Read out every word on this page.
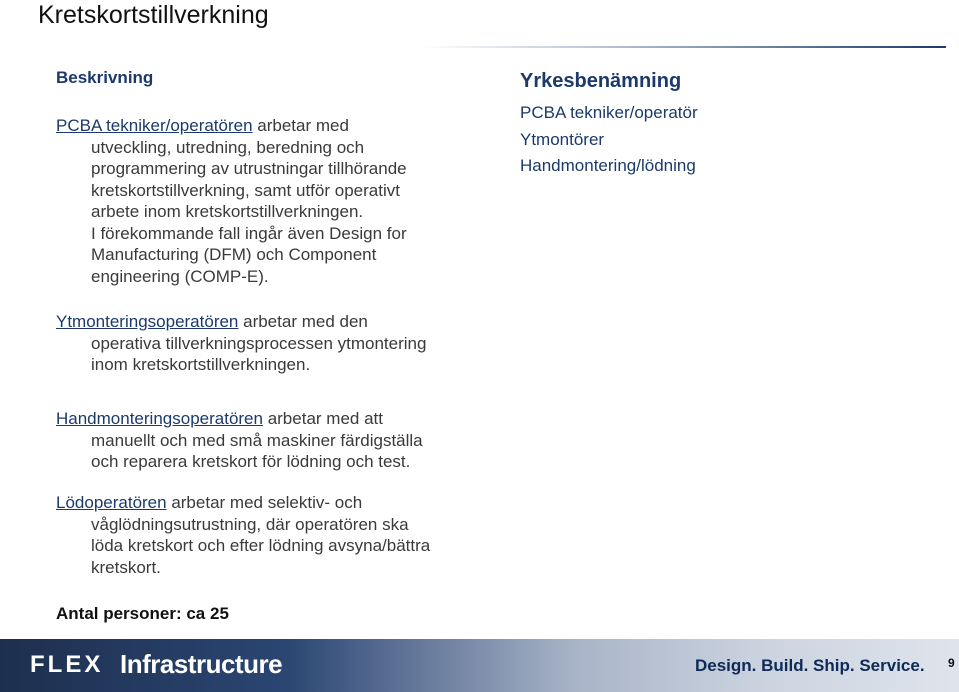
Kretskortstillverkning
Beskrivning
PCBA tekniker/operatören arbetar med
utveckling, utredning, beredning och
programmering av utrustningar tillhörande
kretskortstillverkning, samt utför operativt
arbete inom kretskortstillverkningen.
I förekommande fall ingår även Design for
Manufacturing (DFM) och Component
engineering (COMP-E).
Ytmonteringsoperatören arbetar med den
operativa tillverkningsprocessen ytmontering
inom kretskortstillverkningen.
Handmonteringsoperatören arbetar med att
manuellt och med små maskiner färdigställa
och reparera kretskort för lödning och test.
Lödoperatören arbetar med selektiv- och
våglödningsutrustning, där operatören ska
löda kretskort och efter lödning avsyna/bättra
kretskort.
Antal personer: ca 25
Yrkesbenämning
PCBA tekniker/operatör
Ytmontörer
Handmontering/lödning
FLEX Infrastructure	Design. Build. Ship. Service. 9
